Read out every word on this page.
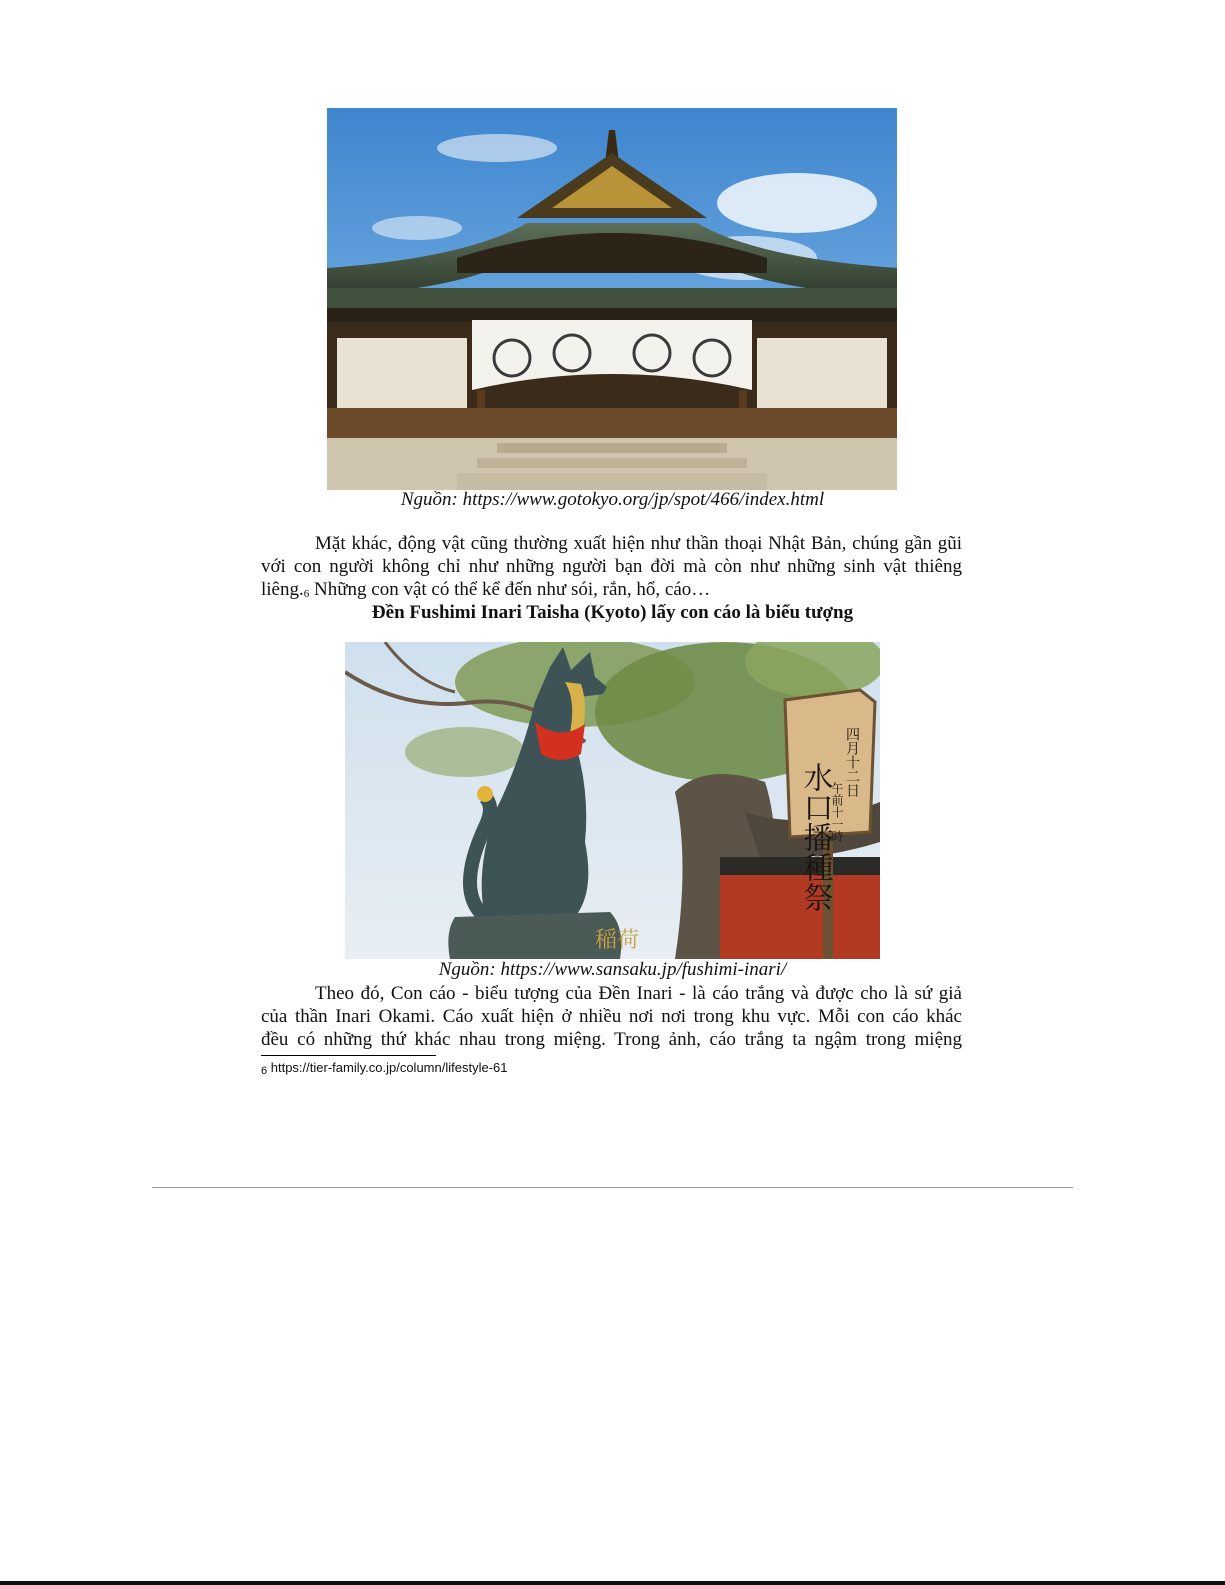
Nguồn: https://www.gotokyo.org/jp/spot/466/index.html

Mặt khác, động vật cũng thường xuất hiện như thần thoại Nhật Bản, chúng gần gũi
với con người không chỉ như những người bạn đời mà còn như những sinh vật thiêng
liêng.6 Những con vật có thể kể đến như sói, rắn, hổ, cáo…

Đền Fushimi Inari Taisha (Kyoto) lấy con cáo là biểu tượng
水口播種祭 四月十二日
午前十一時
稲荷
Nguồn: https://www.sansaku.jp/fushimi-inari/

Theo đó, Con cáo - biểu tượng của Đền Inari - là cáo trắng và được cho là sứ giả
của thần Inari Okami. Cáo xuất hiện ở nhiều nơi nơi trong khu vực. Mỗi con cáo khác
đều có những thứ khác nhau trong miệng. Trong ảnh, cáo trắng ta ngậm trong miệng

6 https://tier-family.co.jp/column/lifestyle-61
